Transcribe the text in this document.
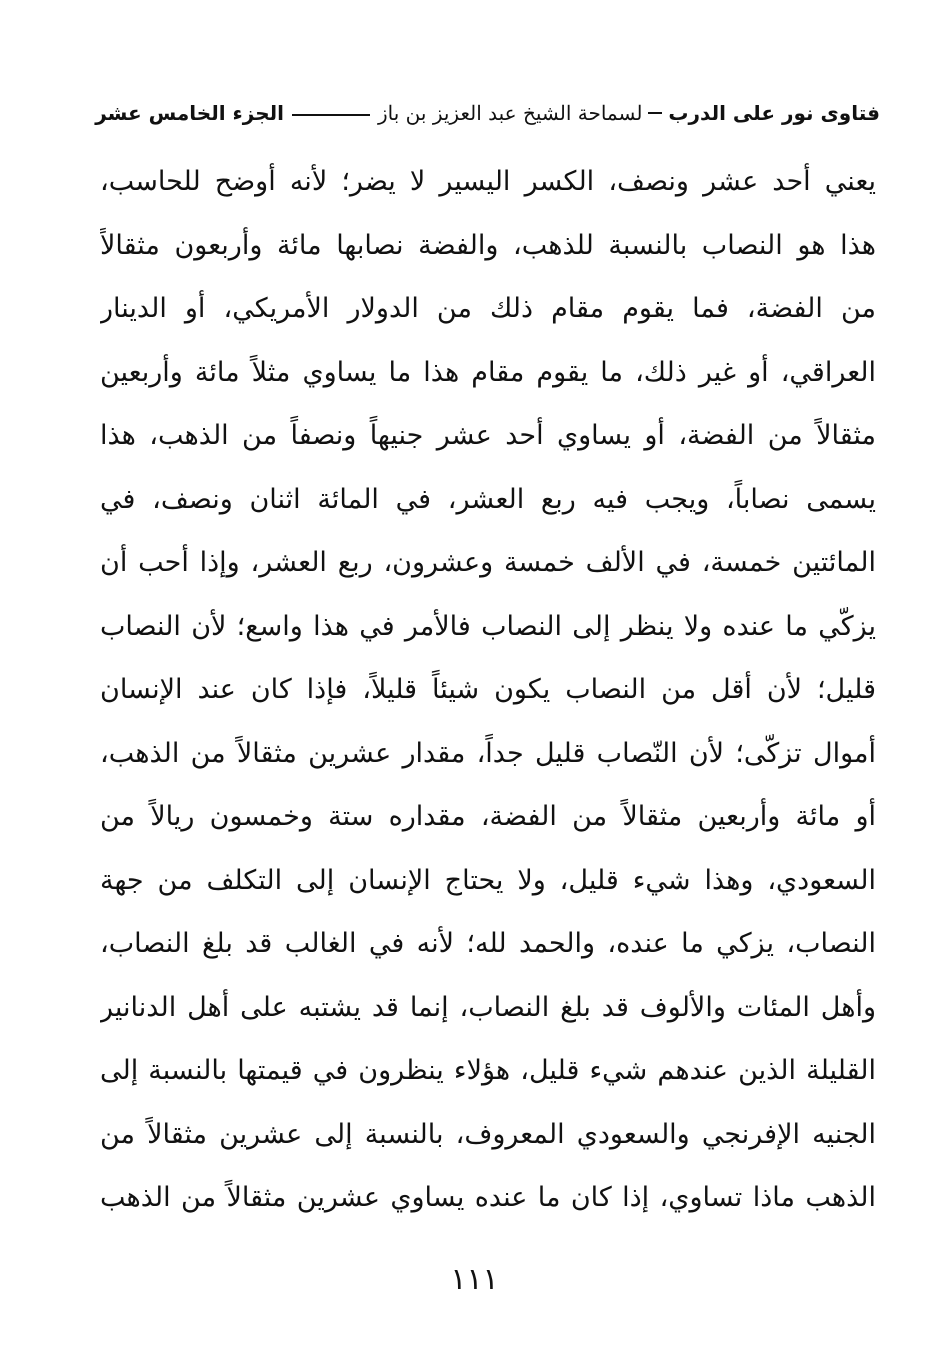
فتاوى نور على الدرب
لسماحة الشيخ عبد العزيز بن باز
الجزء الخامس عشر
يعني أحد عشر ونصف، الكسر اليسير لا يضر؛ لأنه أوضح للحاسب،
هذا هو النصاب بالنسبة للذهب، والفضة نصابها مائة وأربعون مثقالاً
من الفضة، فما يقوم مقام ذلك من الدولار الأمريكي، أو الدينار
العراقي، أو غير ذلك، ما يقوم مقام هذا ما يساوي مثلاً مائة وأربعين
مثقالاً من الفضة، أو يساوي أحد عشر جنيهاً ونصفاً من الذهب، هذا
يسمى نصاباً، ويجب فيه ربع العشر، في المائة اثنان ونصف، في
المائتين خمسة، في الألف خمسة وعشرون، ربع العشر، وإذا أحب أن
يزكّي ما عنده ولا ينظر إلى النصاب فالأمر في هذا واسع؛ لأن النصاب
قليل؛ لأن أقل من النصاب يكون شيئاً قليلاً، فإذا كان عند الإنسان
أموال تزكّى؛ لأن النّصاب قليل جداً، مقدار عشرين مثقالاً من الذهب،
أو مائة وأربعين مثقالاً من الفضة، مقداره ستة وخمسون ريالاً من
السعودي، وهذا شيء قليل، ولا يحتاج الإنسان إلى التكلف من جهة
النصاب، يزكي ما عنده، والحمد لله؛ لأنه في الغالب قد بلغ النصاب،
وأهل المئات والألوف قد بلغ النصاب، إنما قد يشتبه على أهل الدنانير
القليلة الذين عندهم شيء قليل، هؤلاء ينظرون في قيمتها بالنسبة إلى
الجنيه الإفرنجي والسعودي المعروف، بالنسبة إلى عشرين مثقالاً من
الذهب ماذا تساوي، إذا كان ما عنده يساوي عشرين مثقالاً من الذهب
١١١
